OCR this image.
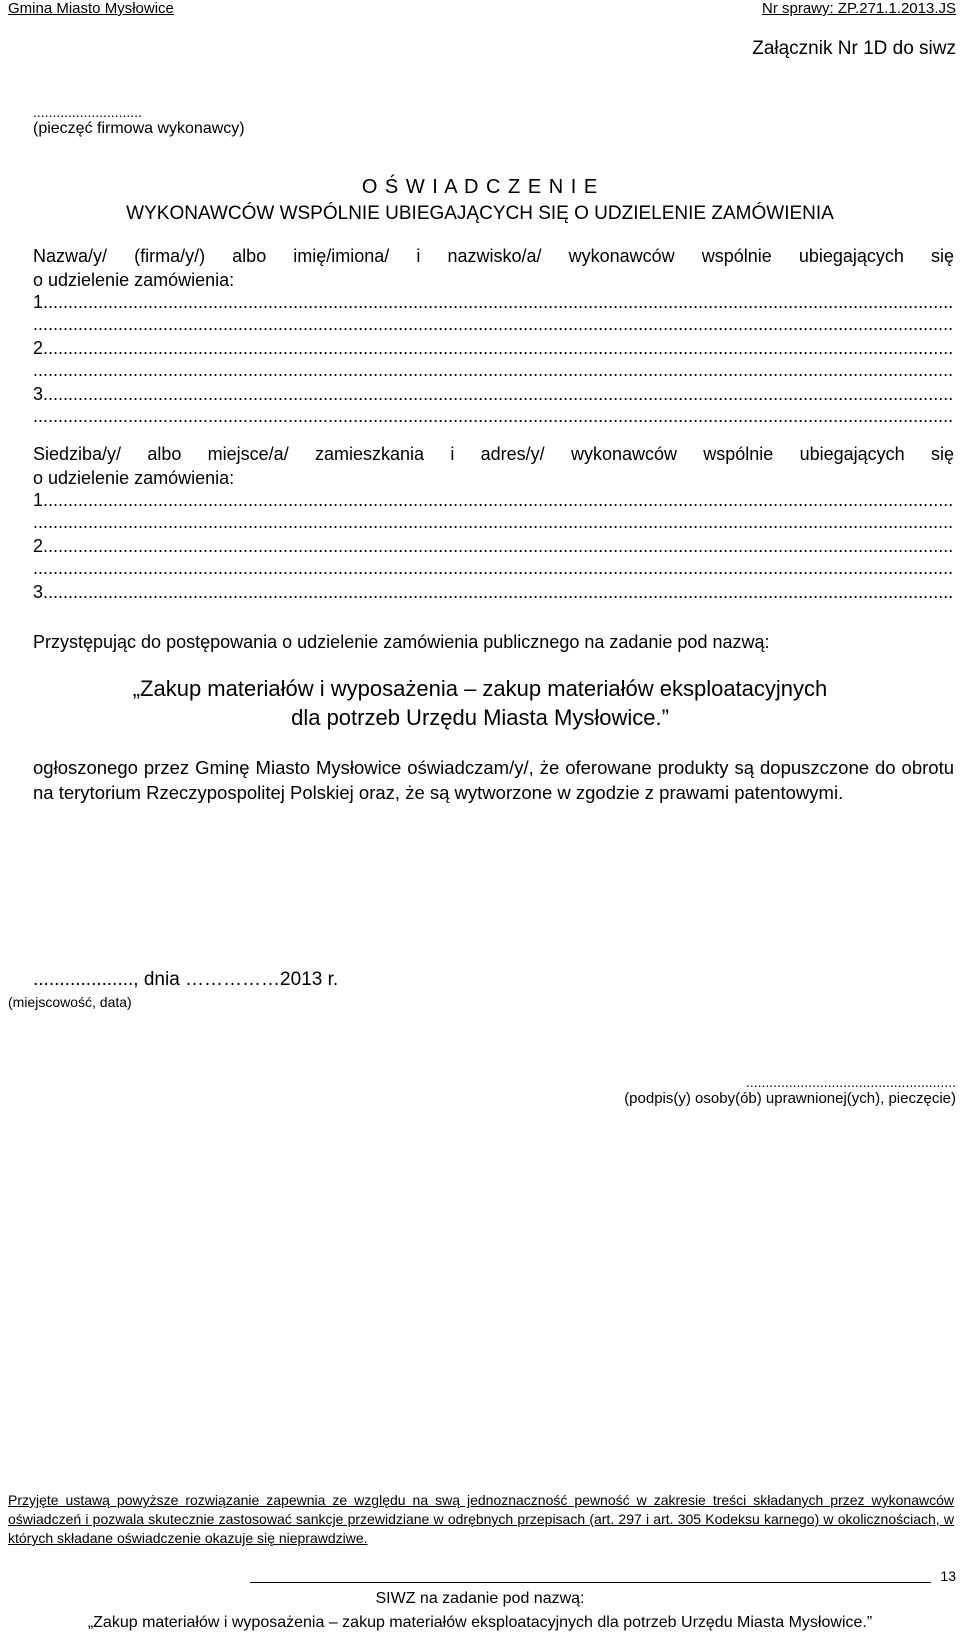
Gmina Miasto Mysłowice	Nr sprawy: ZP.271.1.2013.JS
Załącznik Nr 1D do siwz
............................
(pieczęć firmowa wykonawcy)
O Ś W I A D C Z E N I E
WYKONAWCÓW WSPÓLNIE UBIEGAJĄCYCH SIĘ O UDZIELENIE ZAMÓWIENIA
Nazwa/y/ (firma/y/) albo imię/imiona/ i nazwisko/a/ wykonawców wspólnie ubiegających się
o udzielenie zamówienia:
1. .....
.....
2. .....
.....
3. .....
.....
Siedziba/y/ albo miejsce/a/ zamieszkania i adres/y/ wykonawców wspólnie ubiegających się
o udzielenie zamówienia:
1. .....
.....
2. .....
.....
3. .....
Przystępując do postępowania o udzielenie zamówienia publicznego na zadanie pod nazwą:
„Zakup materiałów i wyposażenia – zakup materiałów eksploatacyjnych
dla potrzeb Urzędu Miasta Mysłowice.”
ogłoszonego przez Gminę Miasto Mysłowice oświadczam/y/, że oferowane produkty są dopuszczone do obrotu na terytorium Rzeczypospolitej Polskiej oraz, że są wytworzone w zgodzie z prawami patentowymi.
..................., dnia ……………2013 r.
(miejscowość, data)
......................................................
(podpis(y) osoby(ób) uprawnionej(ych), pieczęcie)
Przyjęte ustawą powyższe rozwiązanie zapewnia ze względu na swą jednoznaczność pewność w zakresie treści składanych przez wykonawców oświadczeń i pozwala skutecznie zastosować sankcje przewidziane w odrębnych przepisach (art. 297 i art. 305 Kodeksu karnego) w okolicznościach, w których składane oświadczenie okazuje się nieprawdziwe.
13
SIWZ na zadanie pod nazwą:
„Zakup materiałów i wyposażenia – zakup materiałów eksploatacyjnych dla potrzeb Urzędu Miasta Mysłowice.”
